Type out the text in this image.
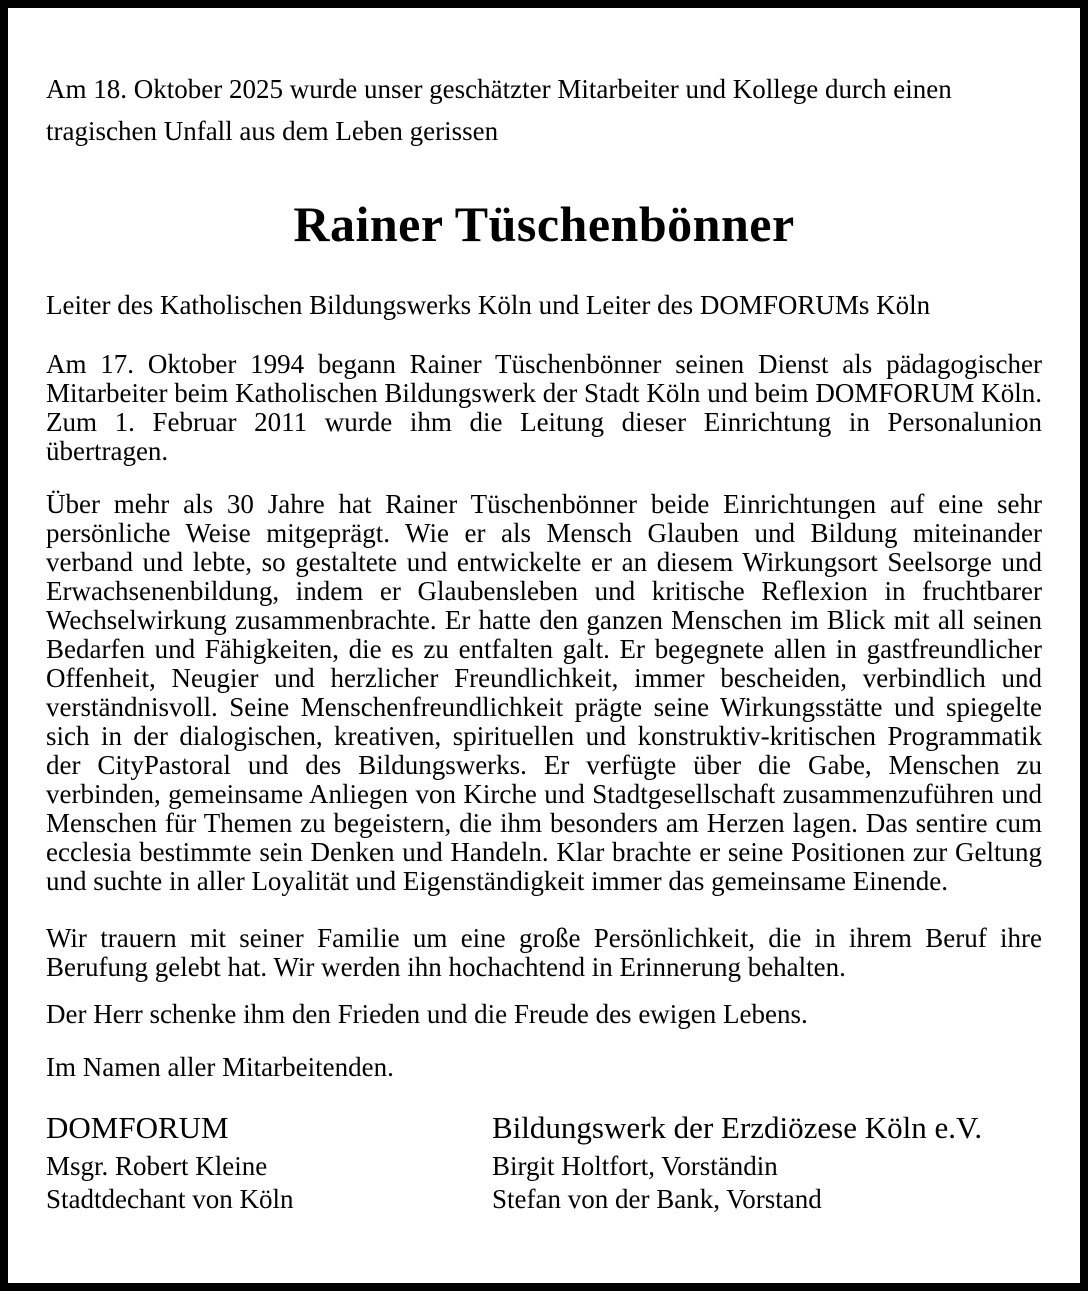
Am 18. Oktober 2025 wurde unser geschätzter Mitarbeiter und Kollege durch einen tragischen Unfall aus dem Leben gerissen

Rainer Tüschenbönner

Leiter des Katholischen Bildungswerks Köln und Leiter des DOMFORUMs Köln

Am 17. Oktober 1994 begann Rainer Tüschenbönner seinen Dienst als pädagogischer Mitarbeiter beim Katholischen Bildungswerk der Stadt Köln und beim DOMFORUM Köln. Zum 1. Februar 2011 wurde ihm die Leitung dieser Einrichtung in Personalunion übertragen.

Über mehr als 30 Jahre hat Rainer Tüschenbönner beide Einrichtungen auf eine sehr persönliche Weise mitgeprägt. Wie er als Mensch Glauben und Bildung miteinander verband und lebte, so gestaltete und entwickelte er an diesem Wirkungsort Seelsorge und Erwachsenenbildung, indem er Glaubensleben und kritische Reflexion in fruchtbarer Wechselwirkung zusammenbrachte. Er hatte den ganzen Menschen im Blick mit all seinen Bedarfen und Fähigkeiten, die es zu entfalten galt. Er begegnete allen in gastfreundlicher Offenheit, Neugier und herzlicher Freundlichkeit, immer bescheiden, verbindlich und verständnisvoll. Seine Menschenfreundlichkeit prägte seine Wirkungsstätte und spiegelte sich in der dialogischen, kreativen, spirituellen und konstruktiv-kritischen Programmatik der CityPastoral und des Bildungswerks. Er verfügte über die Gabe, Menschen zu verbinden, gemeinsame Anliegen von Kirche und Stadtgesellschaft zusammenzuführen und Menschen für Themen zu begeistern, die ihm besonders am Herzen lagen. Das sentire cum ecclesia bestimmte sein Denken und Handeln. Klar brachte er seine Positionen zur Geltung und suchte in aller Loyalität und Eigenständigkeit immer das gemeinsame Einende.

Wir trauern mit seiner Familie um eine große Persönlichkeit, die in ihrem Beruf ihre Berufung gelebt hat. Wir werden ihn hochachtend in Erinnerung behalten.

Der Herr schenke ihm den Frieden und die Freude des ewigen Lebens.

Im Namen aller Mitarbeitenden.

DOMFORUM

Msgr. Robert Kleine

Stadtdechant von Köln

Bildungswerk der Erzdiözese Köln e.V.

Birgit Holtfort, Vorständin

Stefan von der Bank, Vorstand
